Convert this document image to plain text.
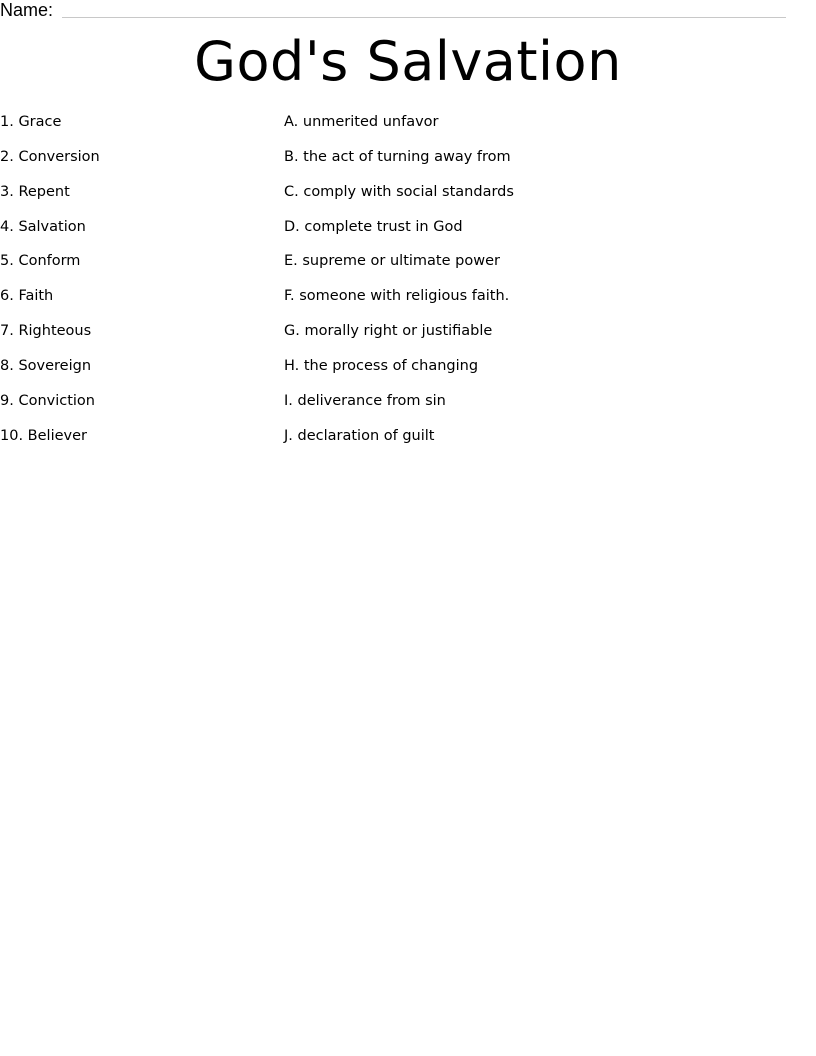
Name:
God's Salvation
1. Grace
2. Conversion
3. Repent
4. Salvation
5. Conform
6. Faith
7. Righteous
8. Sovereign
9. Conviction
10. Believer
A. unmerited unfavor
B. the act of turning away from
C. comply with social standards
D. complete trust in God
E. supreme or ultimate power
F. someone with religious faith.
G. morally right or justifiable
H. the process of changing
I. deliverance from sin
J. declaration of guilt
